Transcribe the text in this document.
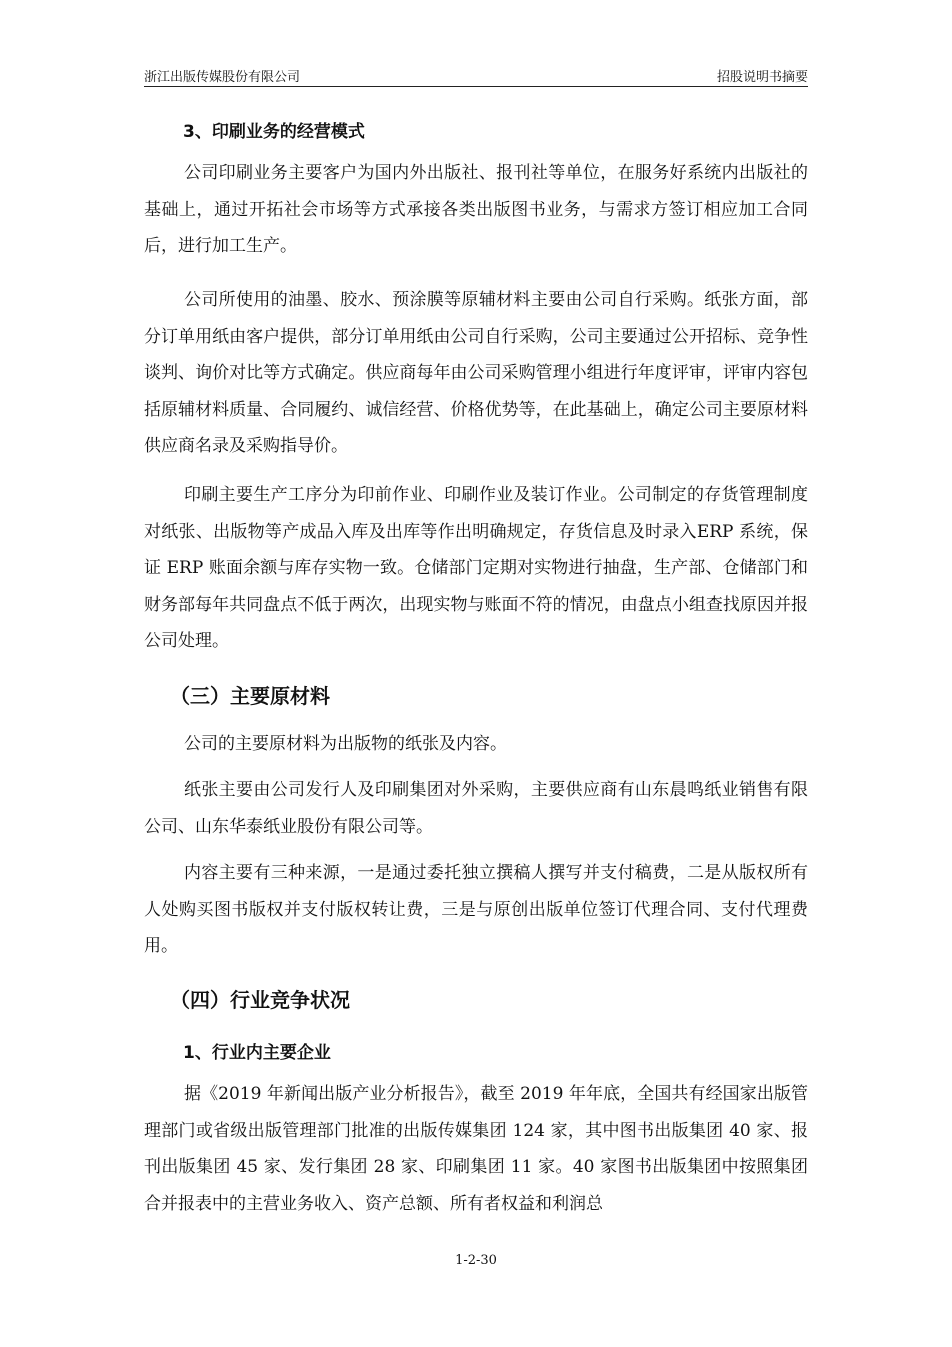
浙江出版传媒股份有限公司	招股说明书摘要
3、印刷业务的经营模式

公司印刷业务主要客户为国内外出版社、报刊社等单位，在服务好系统内出版社的基础上，通过开拓社会市场等方式承接各类出版图书业务，与需求方签订相应加工合同后，进行加工生产。

公司所使用的油墨、胶水、预涂膜等原辅材料主要由公司自行采购。纸张方面，部分订单用纸由客户提供，部分订单用纸由公司自行采购，公司主要通过公开招标、竞争性谈判、询价对比等方式确定。供应商每年由公司采购管理小组进行年度评审，评审内容包括原辅材料质量、合同履约、诚信经营、价格优势等，在此基础上，确定公司主要原材料供应商名录及采购指导价。

印刷主要生产工序分为印前作业、印刷作业及装订作业。公司制定的存货管理制度对纸张、出版物等产成品入库及出库等作出明确规定，存货信息及时录入ERP 系统，保证 ERP 账面余额与库存实物一致。仓储部门定期对实物进行抽盘，生产部、仓储部门和财务部每年共同盘点不低于两次，出现实物与账面不符的情况，由盘点小组查找原因并报公司处理。

（三）主要原材料

公司的主要原材料为出版物的纸张及内容。

纸张主要由公司发行人及印刷集团对外采购，主要供应商有山东晨鸣纸业销售有限公司、山东华泰纸业股份有限公司等。

内容主要有三种来源，一是通过委托独立撰稿人撰写并支付稿费，二是从版权所有人处购买图书版权并支付版权转让费，三是与原创出版单位签订代理合同、支付代理费用。

（四）行业竞争状况
1、行业内主要企业

据《2019 年新闻出版产业分析报告》，截至 2019 年年底，全国共有经国家出版管理部门或省级出版管理部门批准的出版传媒集团 124 家，其中图书出版集团 40 家、报刊出版集团 45 家、发行集团 28 家、印刷集团 11 家。40 家图书出版集团中按照集团合并报表中的主营业务收入、资产总额、所有者权益和利润总

1-2-30
